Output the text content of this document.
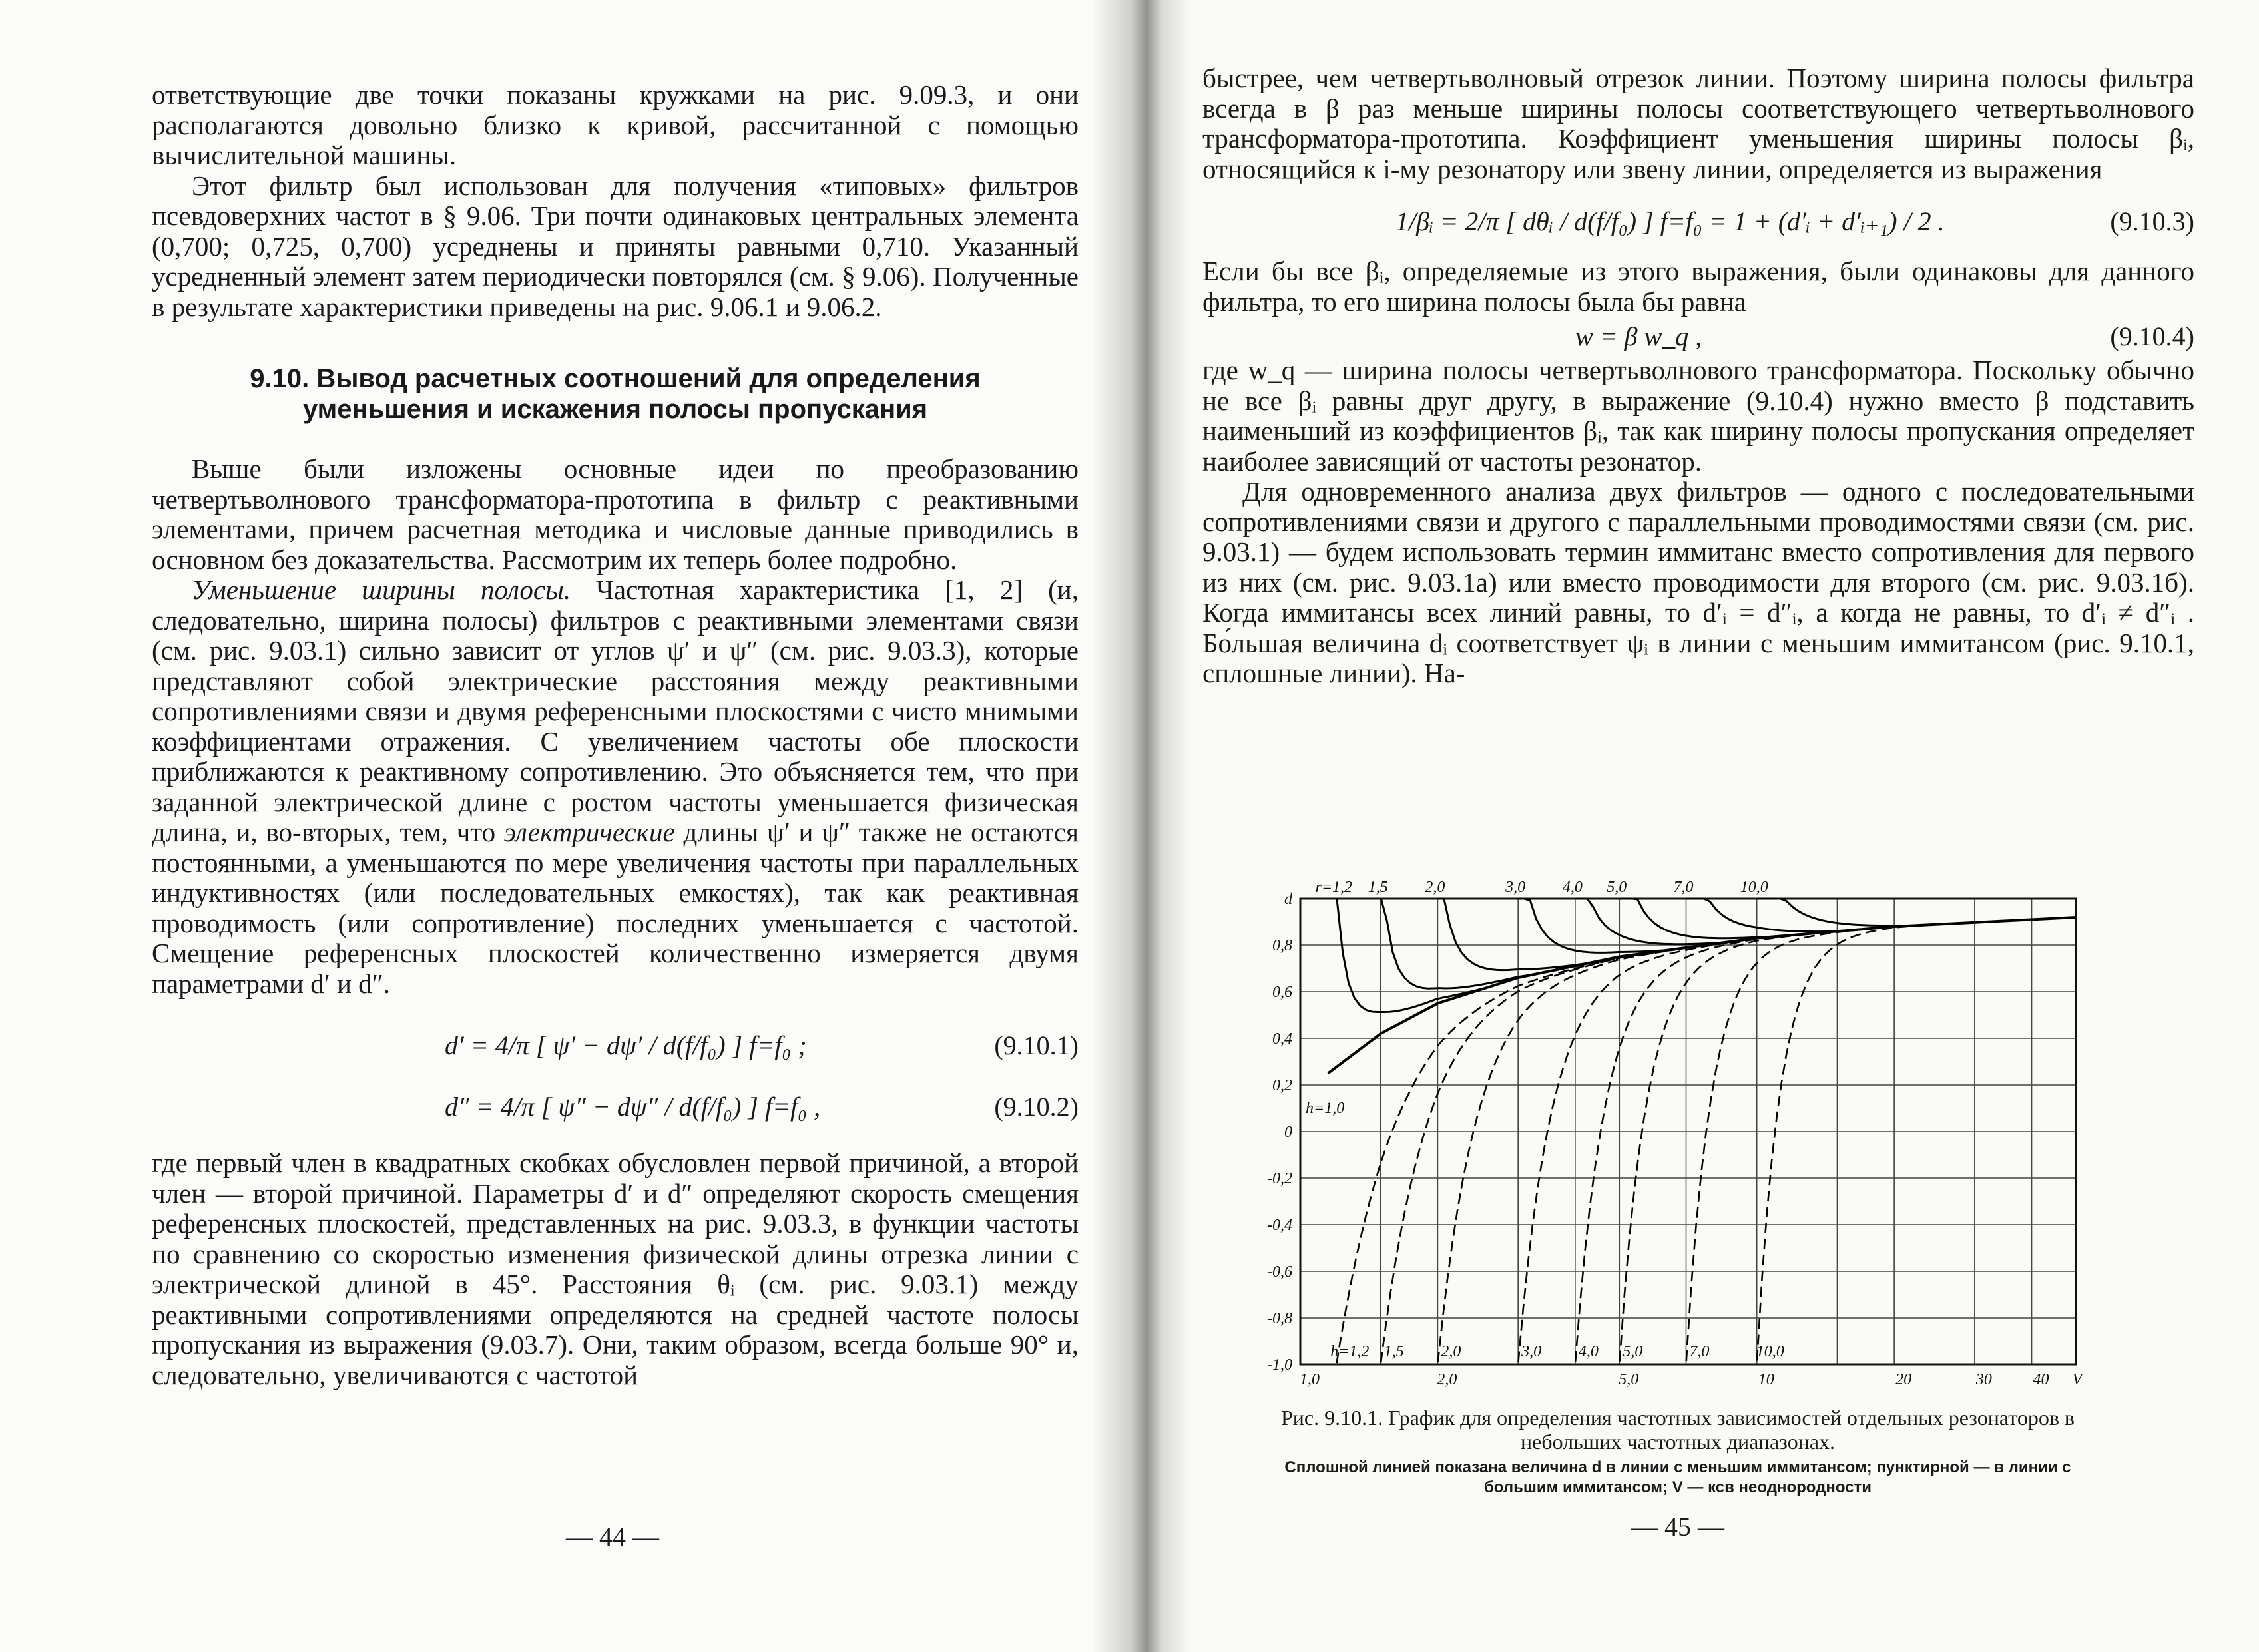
ответствующие две точки показаны кружками на рис. 9.09.3, и они располагаются довольно близко к кривой, рассчитанной с помощью вычислительной машины.

Этот фильтр был использован для получения «типовых» фильтров псевдоверхних частот в § 9.06. Три почти одинаковых центральных элемента (0,700; 0,725, 0,700) усреднены и приняты равными 0,710. Указанный усредненный элемент затем периодически повторялся (см. § 9.06). Полученные в результате характеристики приведены на рис. 9.06.1 и 9.06.2.

9.10. Вывод расчетных соотношений для определения
уменьшения и искажения полосы пропускания

Выше были изложены основные идеи по преобразованию четвертьволнового трансформатора-прототипа в фильтр с реактивными элементами, причем расчетная методика и числовые данные приводились в основном без доказательства. Рассмотрим их теперь более подробно.

Уменьшение ширины полосы. Частотная характеристика [1, 2] (и, следовательно, ширина полосы) фильтров с реактивными элементами связи (см. рис. 9.03.1) сильно зависит от углов ψ′ и ψ″ (см. рис. 9.03.3), которые представляют собой электрические расстояния между реактивными сопротивлениями связи и двумя референсными плоскостями с чисто мнимыми коэффициентами отражения. С увеличением частоты обе плоскости приближаются к реактивному сопротивлению. Это объясняется тем, что при заданной электрической длине с ростом частоты уменьшается физическая длина, и, во-вторых, тем, что электрические длины ψ′ и ψ″ также не остаются постоянными, а уменьшаются по мере увеличения частоты при параллельных индуктивностях (или последовательных емкостях), так как реактивная проводимость (или сопротивление) последних уменьшается с частотой. Смещение референсных плоскостей количественно измеряется двумя параметрами d′ и d″.

d′ = 4/π [ ψ′ − dψ′ / d(f/f₀) ] f=f₀ ;	(9.10.1)
d″ = 4/π [ ψ″ − dψ″ / d(f/f₀) ] f=f₀ ,	(9.10.2)

где первый член в квадратных скобках обусловлен первой причиной, а второй член — второй причиной. Параметры d′ и d″ определяют скорость смещения референсных плоскостей, представленных на рис. 9.03.3, в функции частоты по сравнению со скоростью изменения физической длины отрезка линии с электрической длиной в 45°. Расстояния θᵢ (см. рис. 9.03.1) между реактивными сопротивлениями определяются на средней частоте полосы пропускания из выражения (9.03.7). Они, таким образом, всегда больше 90° и, следовательно, увеличиваются с частотой

— 44 —

быстрее, чем четвертьволновый отрезок линии. Поэтому ширина полосы фильтра всегда в β раз меньше ширины полосы соответствующего четвертьволнового трансформатора-прототипа. Коэффициент уменьшения ширины полосы βᵢ, относящийся к i-му резонатору или звену линии, определяется из выражения

1/βᵢ = 2/π [ dθᵢ / d(f/f₀) ] f=f₀ = 1 + (d′ᵢ + d′ᵢ₊₁) / 2 .	(9.10.3)

Если бы все βᵢ, определяемые из этого выражения, были одинаковы для данного фильтра, то его ширина полосы была бы равна

w = β w_q ,	(9.10.4)

где w_q — ширина полосы четвертьволнового трансформатора. Поскольку обычно не все βᵢ равны друг другу, в выражение (9.10.4) нужно вместо β подставить наименьший из коэффициентов βᵢ, так как ширину полосы пропускания определяет наиболее зависящий от частоты резонатор.

Для одновременного анализа двух фильтров — одного с последовательными сопротивлениями связи и другого с параллельными проводимостями связи (см. рис. 9.03.1) — будем использовать термин иммитанс вместо сопротивления для первого из них (см. рис. 9.03.1а) или вместо проводимости для второго (см. рис. 9.03.1б). Когда иммитансы всех линий равны, то d′ᵢ = d″ᵢ, а когда не равны, то d′ᵢ ≠ d″ᵢ . Бо́льшая величина dᵢ соответствует ψᵢ в линии с меньшим иммитансом (рис. 9.10.1, сплошные линии). На-

d
0,8
0,6
0,4
0,2
0
-0,2
-0,4
-0,6
-0,8
-1,0
1,0	2,0	5,0	10	20	30	40 V
r=1,2 1,5 2,0	3,0 4,0 5,0	7,0	10,0
h=1,2 1,5 2,0	3,0 4,0 5,0	7,0	10,0
h=1,0
Рис. 9.10.1. График для определения частотных зависимостей отдельных резонаторов в небольших частотных диапазонах.
Сплошной линией показана величина d в линии с меньшим иммитансом; пунктирной — в линии с большим иммитансом; V — ксв неоднородности
— 45 —
